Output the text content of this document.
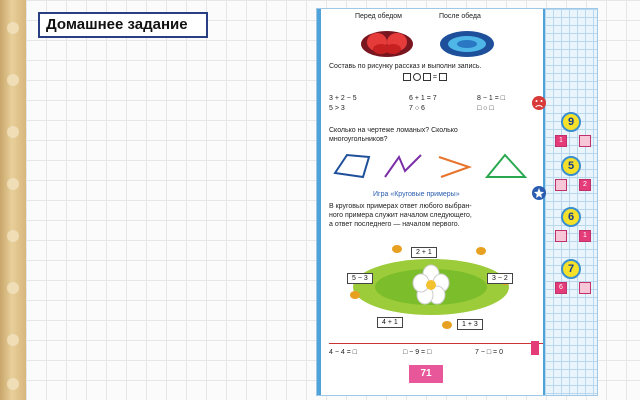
Домашнее задание	Перед обедом	После обеда
Составь по рисунку рассказ и выполни запись.
=
3 + 2 − 5	6 + 1 = 7	8 − 1 = □
5 > 3	7 ○ 6	□ ○ □
Сколько на чертеже ломаных? Сколько
многоугольников?
Игра «Круговые примеры»
В круговых примерах ответ любого выбран-
ного примера служит началом следующего,
а ответ последнего — началом первого.
2 + 1
5 − 3	3 − 2
4 + 1	1 + 3
4 − 4 = □	□ − 9 = □	7 − □ = 0
71
9
1
5
2
6
1
7
6
